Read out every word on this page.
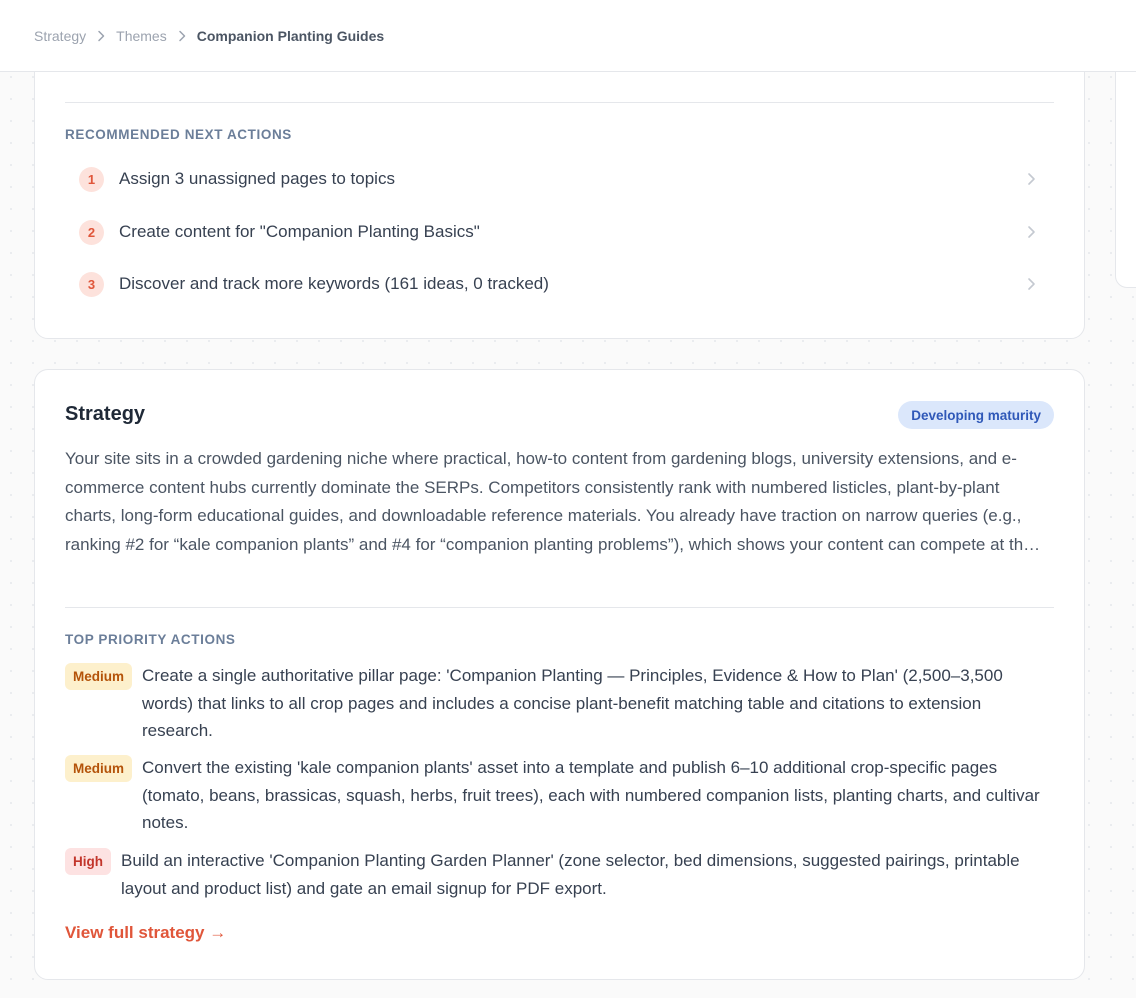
Strategy Themes Companion Planting Guides
RECOMMENDED NEXT ACTIONS
1	Assign 3 unassigned pages to topics
2	Create content for "Companion Planting Basics"
3	Discover and track more keywords (161 ideas, 0 tracked)
Strategy	Developing maturity

Your site sits in a crowded gardening niche where practical, how-to content from gardening blogs, university extensions, and e-commerce content hubs currently dominate the SERPs. Competitors consistently rank with numbered listicles, plant-by-plant charts, long-form educational guides, and downloadable reference materials. You already have traction on narrow queries (e.g., ranking #2 for “kale companion plants” and #4 for “companion planting problems”), which shows your content can compete at th…

TOP PRIORITY ACTIONS
Medium	Create a single authoritative pillar page: 'Companion Planting — Principles, Evidence & How to Plan' (2,500–3,500 words) that links to all crop pages and includes a concise plant-benefit matching table and citations to extension research.
Medium	Convert the existing 'kale companion plants' asset into a template and publish 6–10 additional crop-specific pages (tomato, beans, brassicas, squash, herbs, fruit trees), each with numbered companion lists, planting charts, and cultivar notes.
High	Build an interactive 'Companion Planting Garden Planner' (zone selector, bed dimensions, suggested pairings, printable layout and product list) and gate an email signup for PDF export.
View full strategy →
